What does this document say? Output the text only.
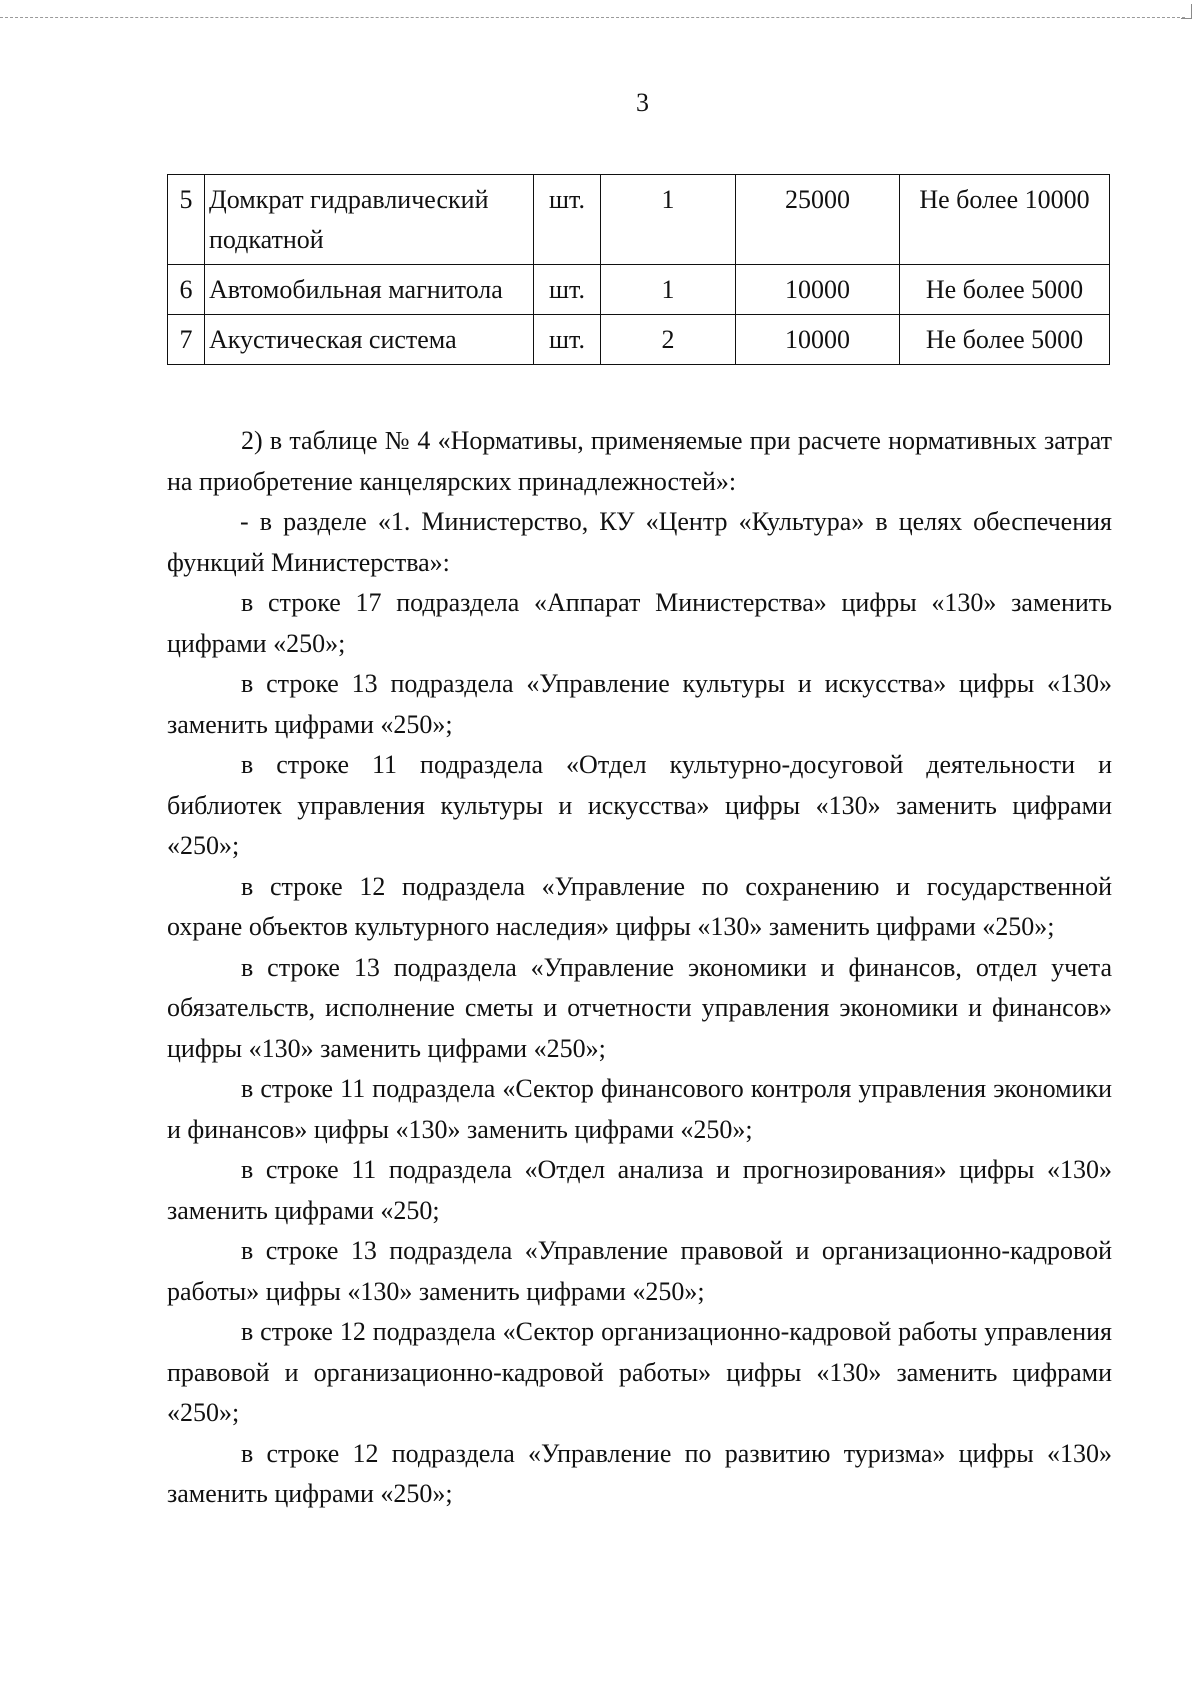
3
5	Домкрат гидравлический подкатной	шт.	1	25000	Не более 10000
6	Автомобильная магнитола	шт.	1	10000	Не более 5000
7	Акустическая система	шт.	2	10000	Не более 5000

2) в таблице № 4 «Нормативы, применяемые при расчете нормативных затрат на приобретение канцелярских принадлежностей»:

- в разделе «1. Министерство, КУ «Центр «Культура» в целях обеспечения функций Министерства»:

в строке 17 подраздела «Аппарат Министерства» цифры «130» заменить цифрами «250»;

в строке 13 подраздела «Управление культуры и искусства» цифры «130» заменить цифрами «250»;

в строке 11 подраздела «Отдел культурно-досуговой деятельности и библиотек управления культуры и искусства» цифры «130» заменить цифрами «250»;

в строке 12 подраздела «Управление по сохранению и государственной охране объектов культурного наследия» цифры «130» заменить цифрами «250»;

в строке 13 подраздела «Управление экономики и финансов, отдел учета обязательств, исполнение сметы и отчетности управления экономики и финансов» цифры «130» заменить цифрами «250»;

в строке 11 подраздела «Сектор финансового контроля управления экономики и финансов» цифры «130» заменить цифрами «250»;

в строке 11 подраздела «Отдел анализа и прогнозирования» цифры «130» заменить цифрами «250;

в строке 13 подраздела «Управление правовой и организационно-кадровой работы» цифры «130» заменить цифрами «250»;

в строке 12 подраздела «Сектор организационно-кадровой работы управления правовой и организационно-кадровой работы» цифры «130» заменить цифрами «250»;

в строке 12 подраздела «Управление по развитию туризма» цифры «130» заменить цифрами «250»;
